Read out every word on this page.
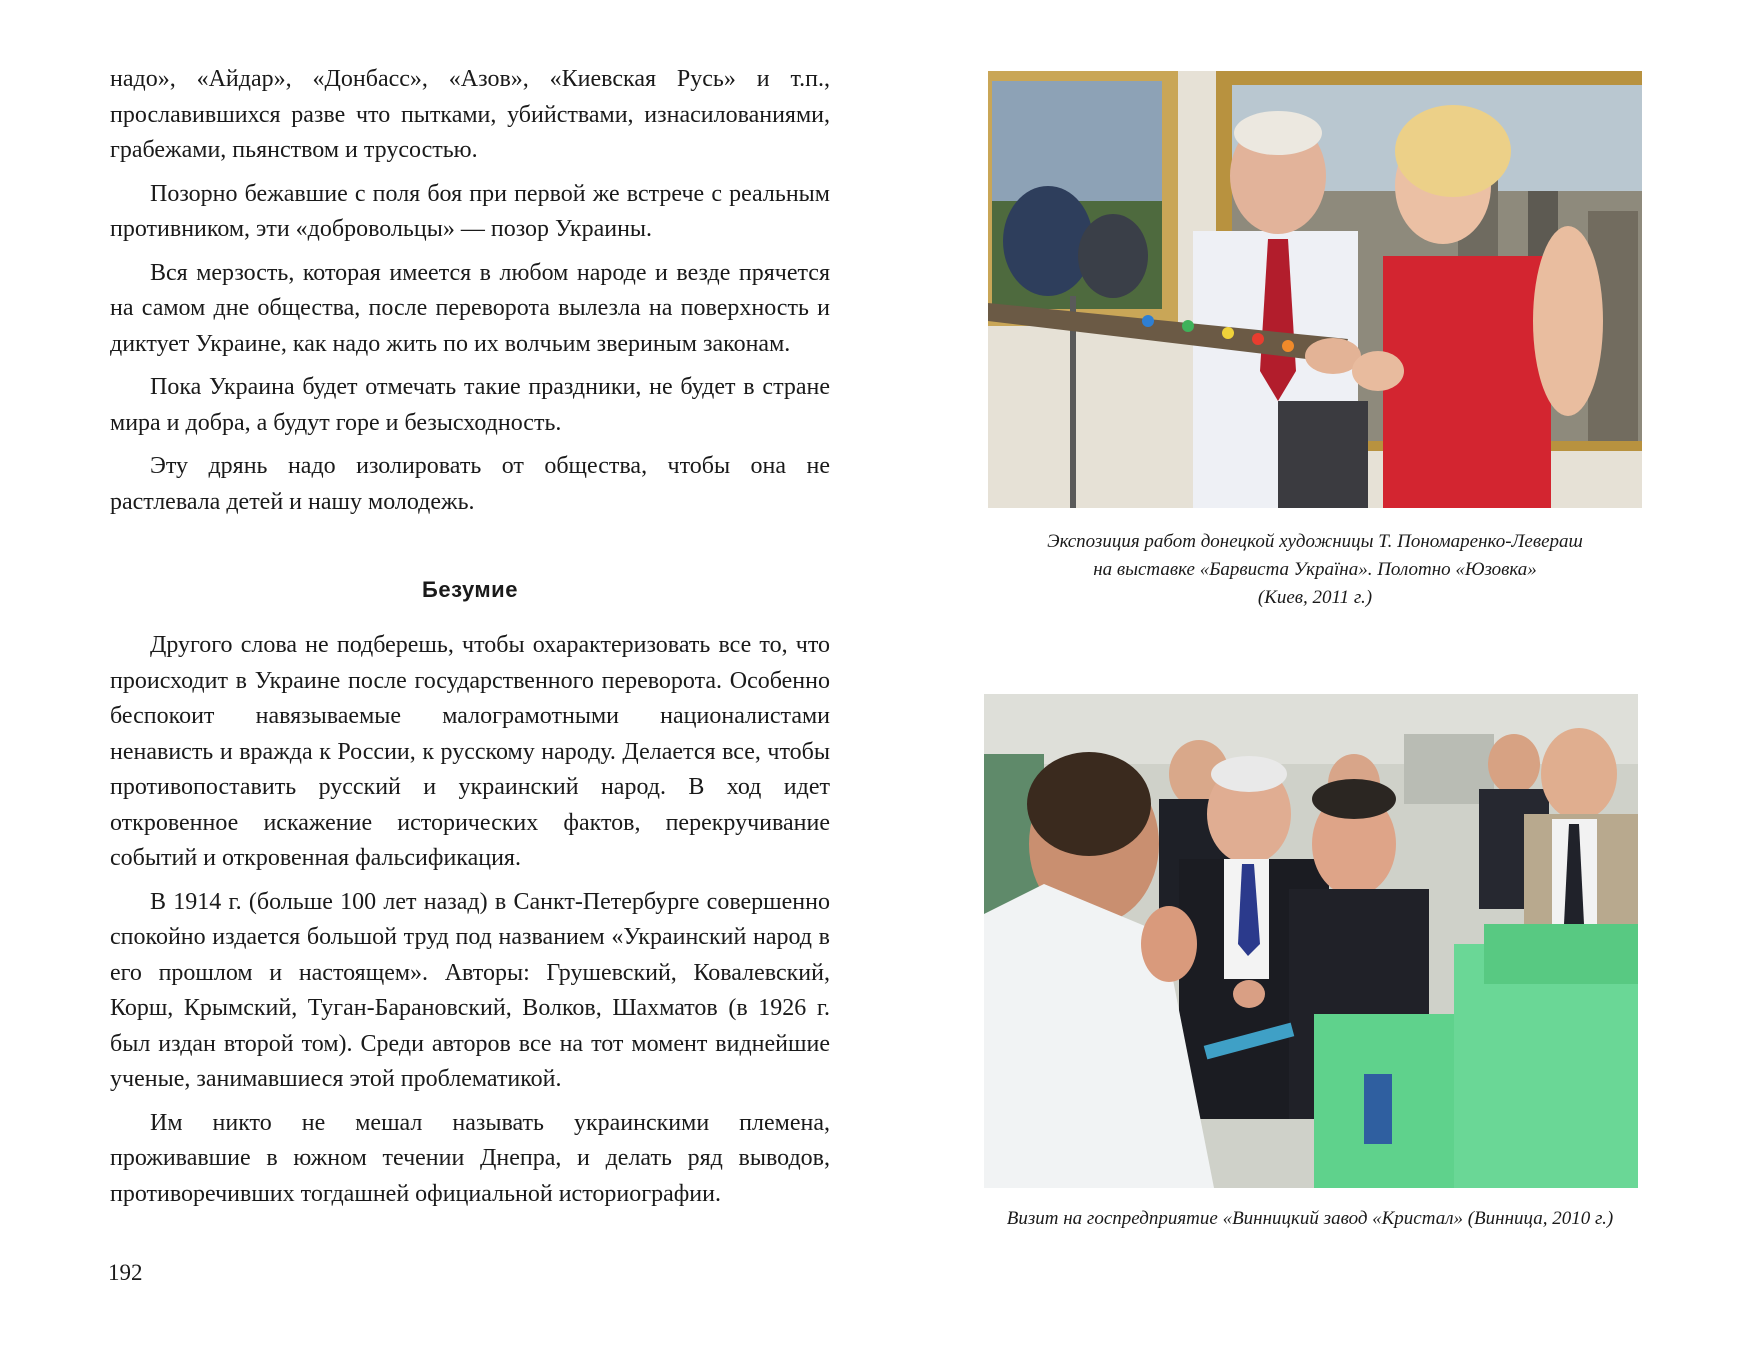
надо», «Айдар», «Донбасс», «Азов», «Киевская Русь» и т.п., прославившихся разве что пытками, убийствами, изнасилованиями, грабежами, пьянством и трусостью.

Позорно бежавшие с поля боя при первой же встрече с реальным противником, эти «добровольцы» — позор Украины.

Вся мерзость, которая имеется в любом народе и везде прячется на самом дне общества, после переворота вылезла на поверхность и диктует Украине, как надо жить по их волчьим звериным законам.

Пока Украина будет отмечать такие праздники, не будет в стране мира и добра, а будут горе и безысходность.

Эту дрянь надо изолировать от общества, чтобы она не растлевала детей и нашу молодежь.

Безумие

Другого слова не подберешь, чтобы охарактеризовать все то, что происходит в Украине после государственного переворота. Особенно беспокоит навязываемые малограмотными националистами ненависть и вражда к России, к русскому народу. Делается все, чтобы противопоставить русский и украинский народ. В ход идет откровенное искажение исторических фактов, перекручивание событий и откровенная фальсификация.

В 1914 г. (больше 100 лет назад) в Санкт-Петербурге совершенно спокойно издается большой труд под названием «Украинский народ в его прошлом и настоящем». Авторы: Грушевский, Ковалевский, Корш, Крымский, Туган-Барановский, Волков, Шахматов (в 1926 г. был издан второй том). Среди авторов все на тот момент виднейшие ученые, занимавшиеся этой проблематикой.

Им никто не мешал называть украинскими племена, проживавшие в южном течении Днепра, и делать ряд выводов, противоречивших тогдашней официальной историографии.

192

Экспозиция работ донецкой художницы Т. Пономаренко-Левераш
на выставке «Барвиста Україна». Полотно «Юзовка»
(Киев, 2011 г.)

Визит на госпредприятие «Винницкий завод «Кристал» (Винница, 2010 г.)
